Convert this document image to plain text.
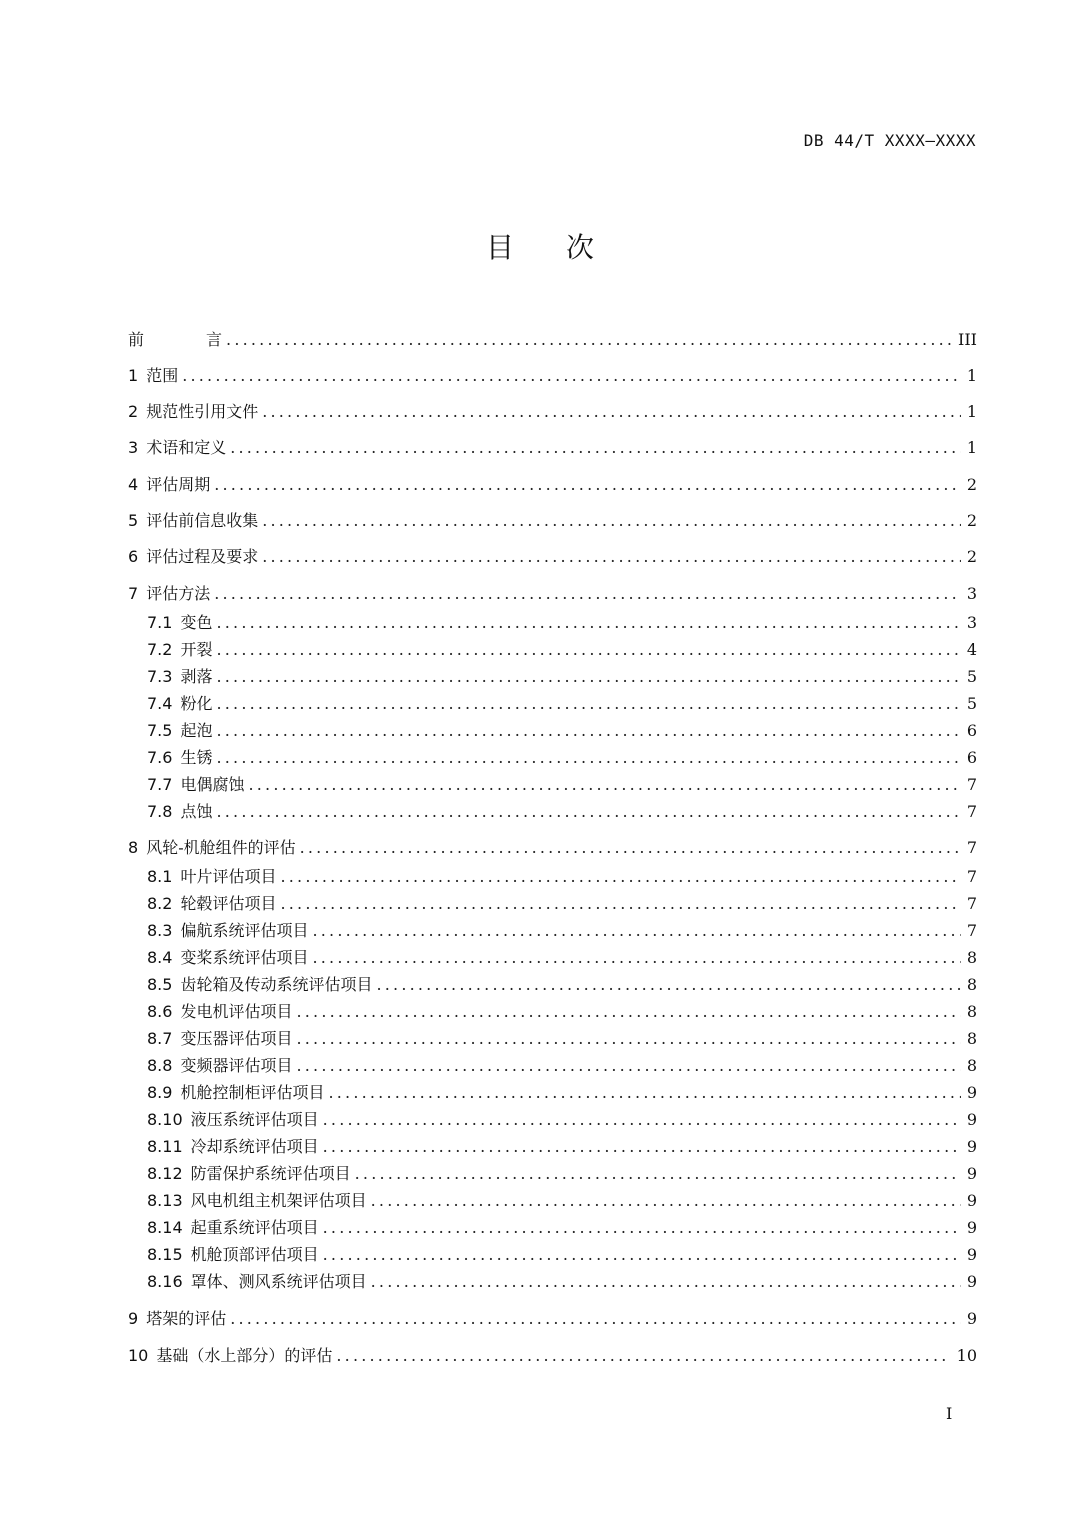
DB 44/T XXXX—XXXX
目 次
前	言 .....	III
1 范围 .....	1
2 规范性引用文件 .....	1
3 术语和定义 .....	1
4 评估周期 .....	2
5 评估前信息收集 .....	2
6 评估过程及要求 .....	2
7 评估方法 .....	3
7.1 变色 .....	3
7.2 开裂 .....	4
7.3 剥落 .....	5
7.4 粉化 .....	5
7.5 起泡 .....	6
7.6 生锈 .....	6
7.7 电偶腐蚀 .....	7
7.8 点蚀 .....	7
8 风轮-机舱组件的评估 .....	7
8.1 叶片评估项目 .....	7
8.2 轮毂评估项目 .....	7
8.3 偏航系统评估项目 .....	7
8.4 变桨系统评估项目 .....	8
8.5 齿轮箱及传动系统评估项目 .....	8
8.6 发电机评估项目 .....	8
8.7 变压器评估项目 .....	8
8.8 变频器评估项目 .....	8
8.9 机舱控制柜评估项目 .....	9
8.10 液压系统评估项目 .....	9
8.11 冷却系统评估项目 .....	9
8.12 防雷保护系统评估项目 .....	9
8.13 风电机组主机架评估项目 .....	9
8.14 起重系统评估项目 .....	9
8.15 机舱顶部评估项目 .....	9
8.16 罩体、测风系统评估项目 .....	9
9 塔架的评估 .....	9
10 基础（水上部分）的评估 .....	10
I
